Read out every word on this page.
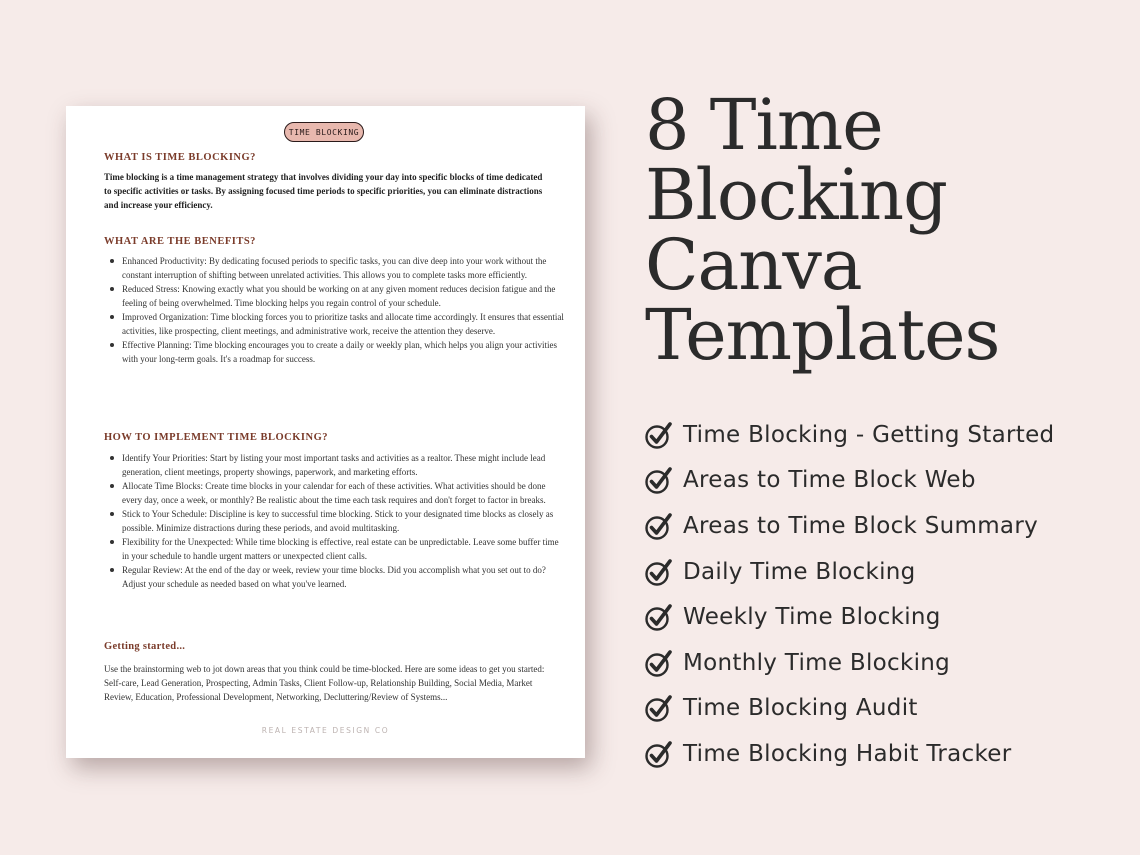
TIME BLOCKING
WHAT IS TIME BLOCKING?
Time blocking is a time management strategy that involves dividing your day into specific blocks of time dedicated to specific activities or tasks. By assigning focused time periods to specific priorities, you can eliminate distractions and increase your efficiency.
WHAT ARE THE BENEFITS?
Enhanced Productivity: By dedicating focused periods to specific tasks, you can dive deep into your work without the constant interruption of shifting between unrelated activities. This allows you to complete tasks more efficiently.
Reduced Stress: Knowing exactly what you should be working on at any given moment reduces decision fatigue and the feeling of being overwhelmed. Time blocking helps you regain control of your schedule.
Improved Organization: Time blocking forces you to prioritize tasks and allocate time accordingly. It ensures that essential activities, like prospecting, client meetings, and administrative work, receive the attention they deserve.
Effective Planning: Time blocking encourages you to create a daily or weekly plan, which helps you align your activities with your long-term goals. It's a roadmap for success.
HOW TO IMPLEMENT TIME BLOCKING?
Identify Your Priorities: Start by listing your most important tasks and activities as a realtor. These might include lead generation, client meetings, property showings, paperwork, and marketing efforts.
Allocate Time Blocks: Create time blocks in your calendar for each of these activities. What activities should be done every day, once a week, or monthly? Be realistic about the time each task requires and don't forget to factor in breaks.
Stick to Your Schedule: Discipline is key to successful time blocking. Stick to your designated time blocks as closely as possible. Minimize distractions during these periods, and avoid multitasking.
Flexibility for the Unexpected: While time blocking is effective, real estate can be unpredictable. Leave some buffer time in your schedule to handle urgent matters or unexpected client calls.
Regular Review: At the end of the day or week, review your time blocks. Did you accomplish what you set out to do? Adjust your schedule as needed based on what you've learned.
Getting started...
Use the brainstorming web to jot down areas that you think could be time-blocked. Here are some ideas to get you started: Self-care, Lead Generation, Prospecting, Admin Tasks, Client Follow-up, Relationship Building, Social Media, Market Review, Education, Professional Development, Networking, Decluttering/Review of Systems...
REAL ESTATE DESIGN CO
8 Time
Blocking
Canva
Templates
Time Blocking - Getting Started
Areas to Time Block Web
Areas to Time Block Summary
Daily Time Blocking
Weekly Time Blocking
Monthly Time Blocking
Time Blocking Audit
Time Blocking Habit Tracker
